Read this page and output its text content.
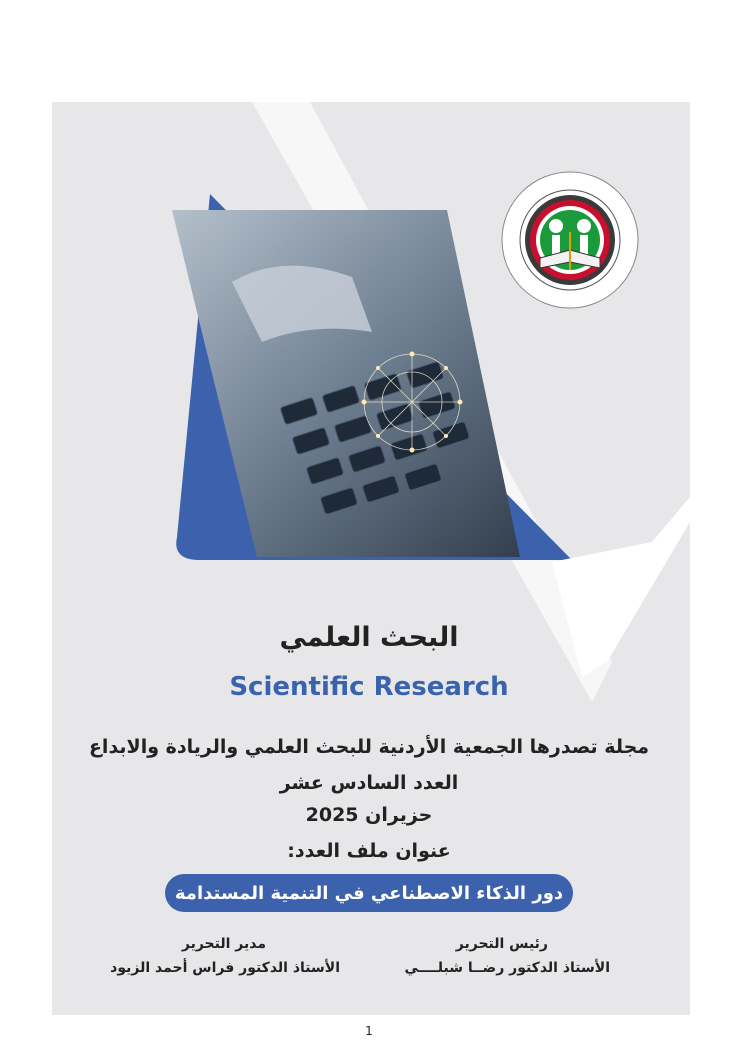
البحث العلمي
Scientific Research
مجلة تصدرها الجمعية الأردنية للبحث العلمي والريادة والابداع
العدد السادس عشر
حزيران 2025
عنوان ملف العدد:
دور الذكاء الاصطناعي في التنمية المستدامة
رئيس التحرير
الأستاذ الدكتور رضــا شبلــــي
مدير التحرير
الأستاذ الدكتور فراس أحمد الزيود
1
